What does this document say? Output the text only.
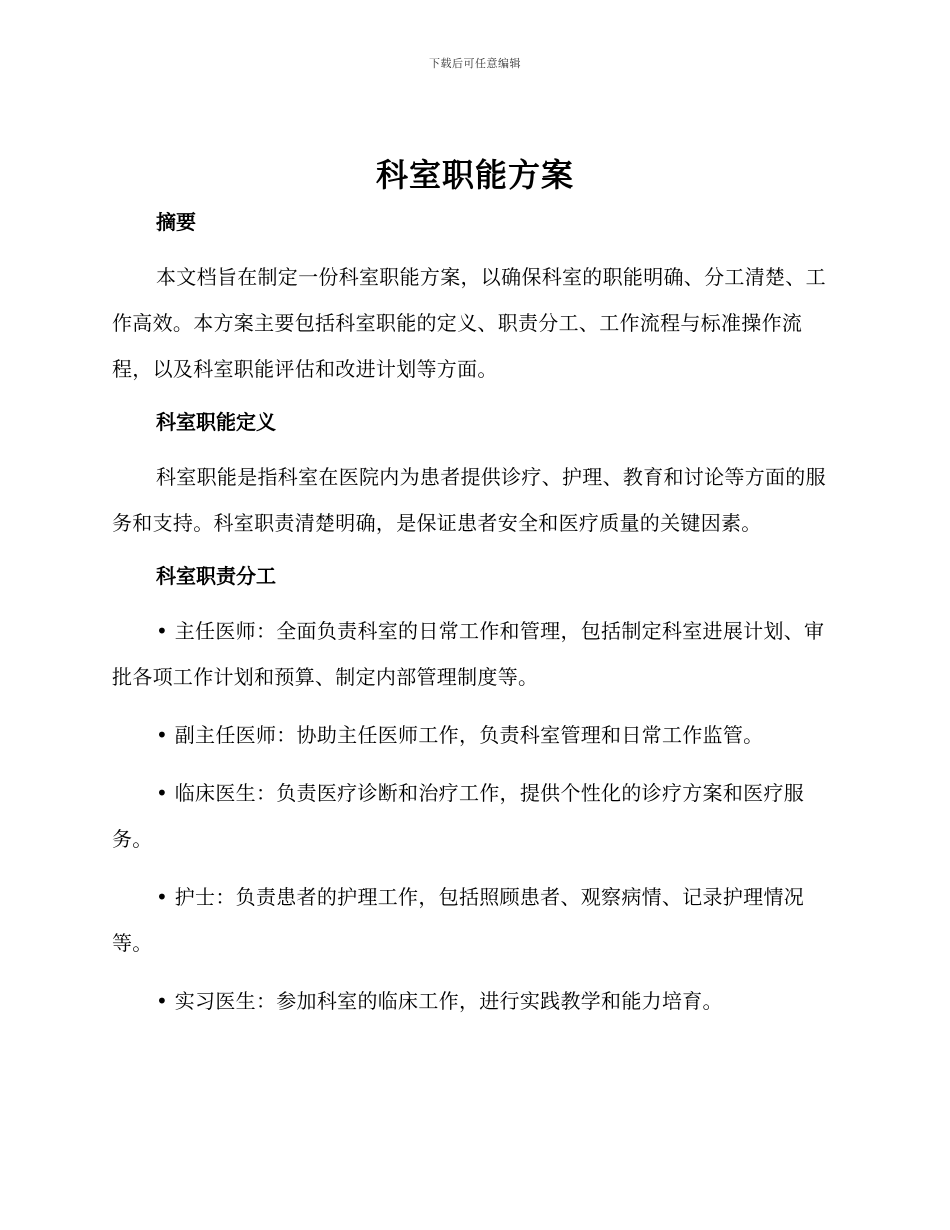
下载后可任意编辑
科室职能方案
摘要

本文档旨在制定一份科室职能方案，以确保科室的职能明确、分工清楚、工作高效。本方案主要包括科室职能的定义、职责分工、工作流程与标准操作流程，以及科室职能评估和改进计划等方面。

科室职能定义

科室职能是指科室在医院内为患者提供诊疗、护理、教育和讨论等方面的服务和支持。科室职责清楚明确，是保证患者安全和医疗质量的关键因素。

科室职责分工

• 主任医师：全面负责科室的日常工作和管理，包括制定科室进展计划、审批各项工作计划和预算、制定内部管理制度等。

• 副主任医师：协助主任医师工作，负责科室管理和日常工作监管。

• 临床医生：负责医疗诊断和治疗工作，提供个性化的诊疗方案和医疗服务。

• 护士：负责患者的护理工作，包括照顾患者、观察病情、记录护理情况等。

• 实习医生：参加科室的临床工作，进行实践教学和能力培育。
